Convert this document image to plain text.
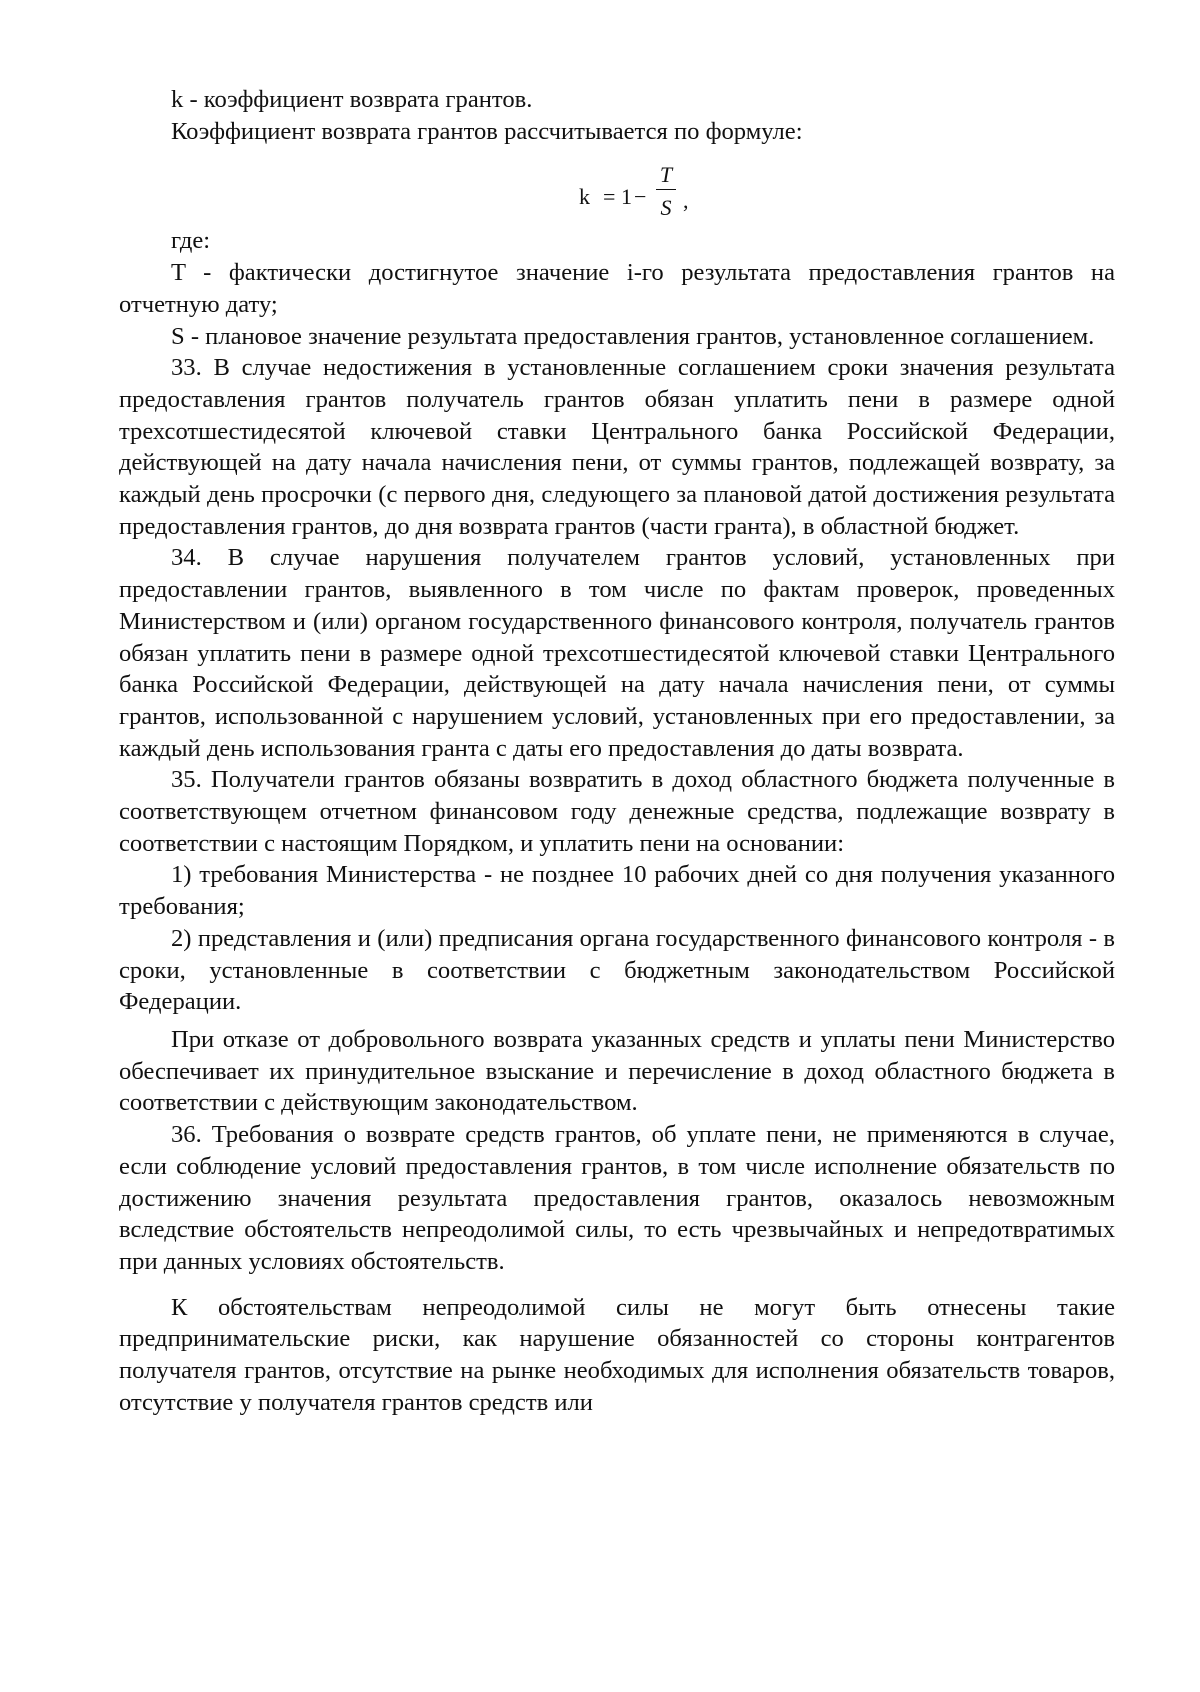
k - коэффициент возврата грантов.

Коэффициент возврата грантов рассчитывается по формуле:

k = 1 −
T
S ,

где:

T - фактически достигнутое значение i-го результата предоставления грантов на отчетную дату;

S - плановое значение результата предоставления грантов, установленное соглашением.

33. В случае недостижения в установленные соглашением сроки значения результата предоставления грантов получатель грантов обязан уплатить пени в размере одной трехсотшестидесятой ключевой ставки Центрального банка Российской Федерации, действующей на дату начала начисления пени, от суммы грантов, подлежащей возврату, за каждый день просрочки (с первого дня, следующего за плановой датой достижения результата предоставления грантов, до дня возврата грантов (части гранта), в областной бюджет.

34. В случае нарушения получателем грантов условий, установленных при предоставлении грантов, выявленного в том числе по фактам проверок, проведенных Министерством и (или) органом государственного финансового контроля, получатель грантов обязан уплатить пени в размере одной трехсотшестидесятой ключевой ставки Центрального банка Российской Федерации, действующей на дату начала начисления пени, от суммы грантов, использованной с нарушением условий, установленных при его предоставлении, за каждый день использования гранта с даты его предоставления до даты возврата.

35. Получатели грантов обязаны возвратить в доход областного бюджета полученные в соответствующем отчетном финансовом году денежные средства, подлежащие возврату в соответствии с настоящим Порядком, и уплатить пени на основании:

1) требования Министерства - не позднее 10 рабочих дней со дня получения указанного требования;

2) представления и (или) предписания органа государственного финансового контроля - в сроки, установленные в соответствии с бюджетным законодательством Российской Федерации.

При отказе от добровольного возврата указанных средств и уплаты пени Министерство обеспечивает их принудительное взыскание и перечисление в доход областного бюджета в соответствии с действующим законодательством.

36. Требования о возврате средств грантов, об уплате пени, не применяются в случае, если соблюдение условий предоставления грантов, в том числе исполнение обязательств по достижению значения результата предоставления грантов, оказалось невозможным вследствие обстоятельств непреодолимой силы, то есть чрезвычайных и непредотвратимых при данных условиях обстоятельств.

К обстоятельствам непреодолимой силы не могут быть отнесены такие предпринимательские риски, как нарушение обязанностей со стороны контрагентов получателя грантов, отсутствие на рынке необходимых для исполнения обязательств товаров, отсутствие у получателя грантов средств или
